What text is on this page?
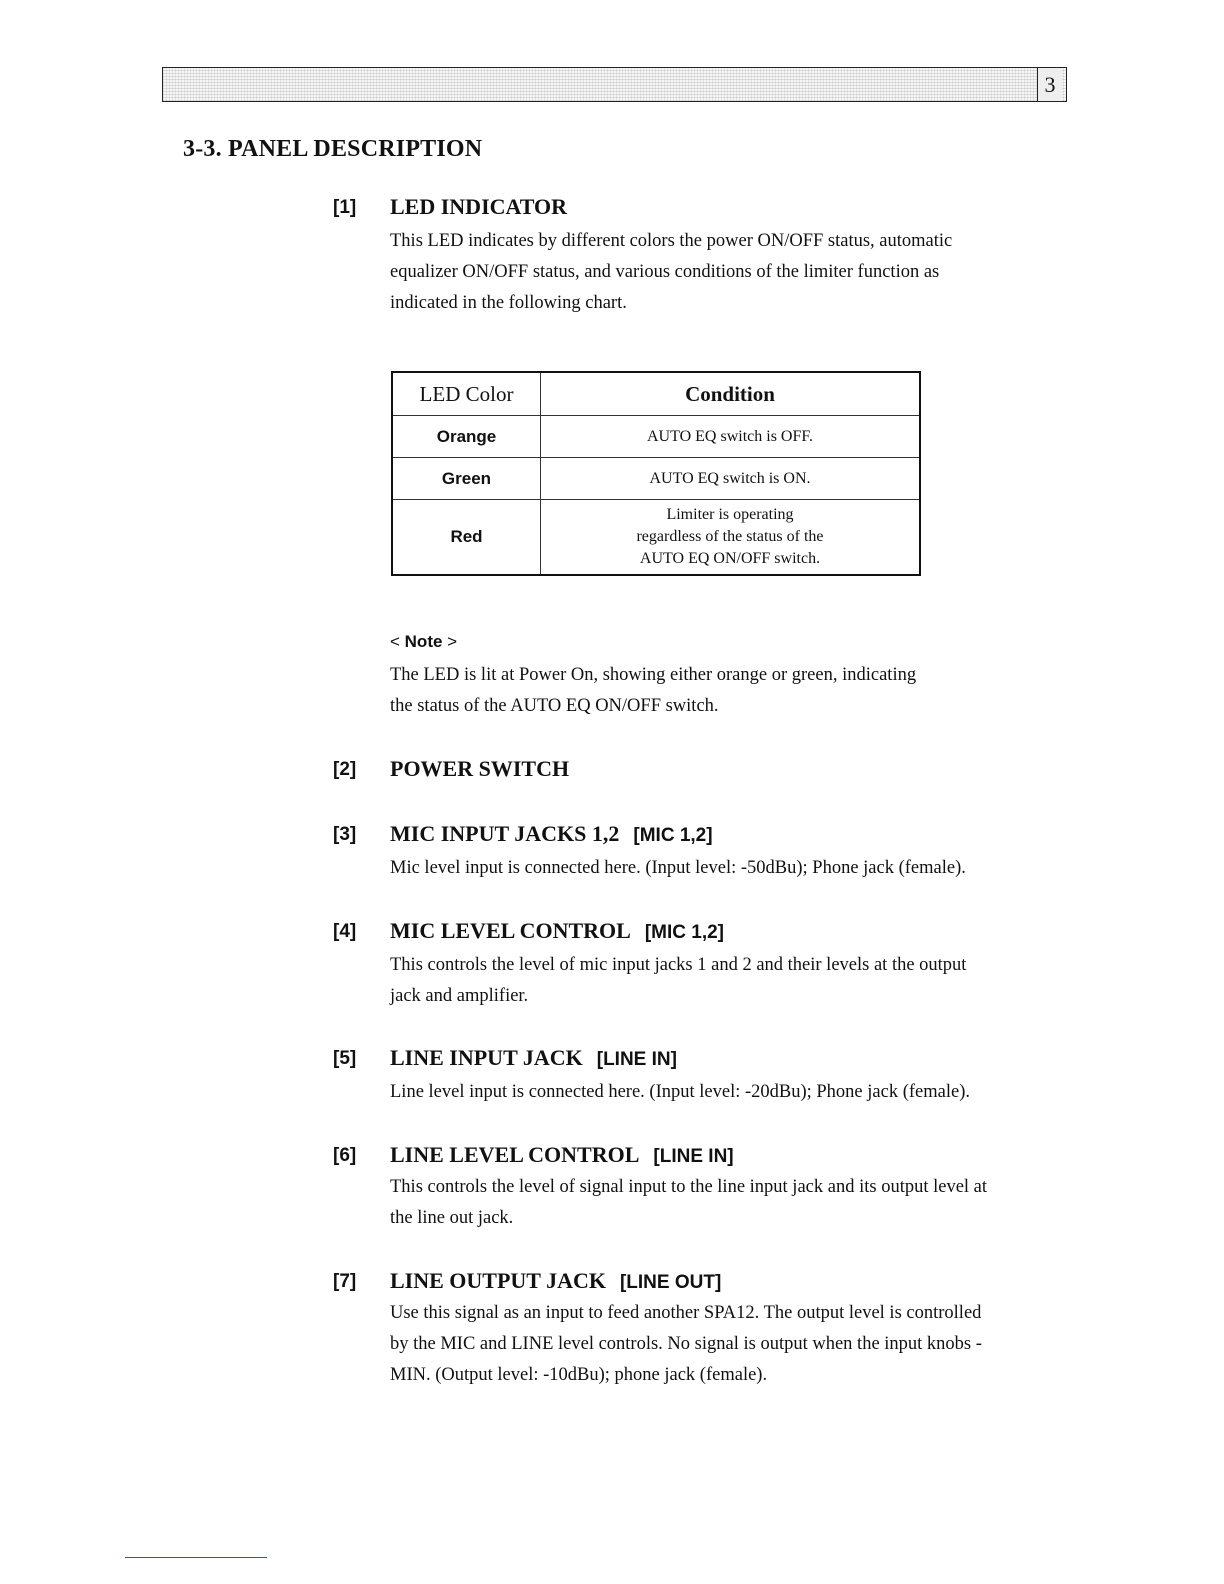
3
3-3. PANEL DESCRIPTION
[1] LED INDICATOR
This LED indicates by different colors the power ON/OFF status, automatic
equalizer ON/OFF status, and various conditions of the limiter function as
indicated in the following chart.
LED Color	Condition
Orange	AUTO EQ switch is OFF.

Green	AUTO EQ switch is ON.

Red	Limiter is operating
regardless of the status of the
AUTO EQ ON/OFF switch.
< Note >
The LED is lit at Power On, showing either orange or green, indicating
the status of the AUTO EQ ON/OFF switch.
[2] POWER SWITCH
[3] MIC INPUT JACKS 1,2 [MIC 1,2]
Mic level input is connected here. (Input level: -50dBu); Phone jack (female).
[4] MIC LEVEL CONTROL [MIC 1,2]
This controls the level of mic input jacks 1 and 2 and their levels at the output
jack and amplifier.
[5] LINE INPUT JACK [LINE IN]
Line level input is connected here. (Input level: -20dBu); Phone jack (female).
[6] LINE LEVEL CONTROL [LINE IN]
This controls the level of signal input to the line input jack and its output level at
the line out jack.
[7] LINE OUTPUT JACK [LINE OUT]
Use this signal as an input to feed another SPA12. The output level is controlled
by the MIC and LINE level controls. No signal is output when the input knobs -
MIN. (Output level: -10dBu); phone jack (female).
